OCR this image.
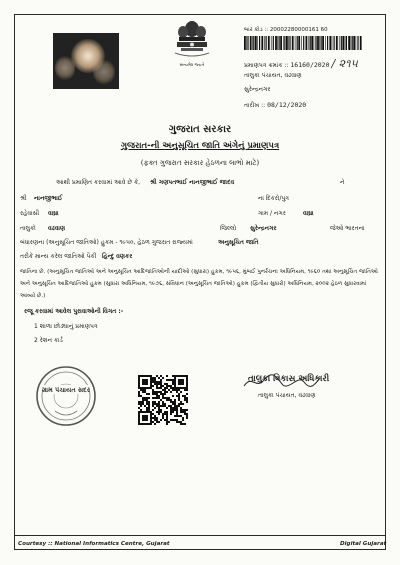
સત્યમેવ જયતે
બાર કોડ :: 20002280000161 60
પ્રમાણપત્ર ક્રમાંક :: 16160/2020 / ૨૧૫
તાલુકા પંચાયત, વઢવાણ
સુરેન્દ્રનગર
તારીખ :: 08/12/2020
ગુજરાત સરકાર
ગુજરાત-ની અનુસૂચિત જાતિ અંગેનું પ્રમાણપત્ર
(ફક્ત ગુજરાત સરકાર હેઠળના લાભો માટે)
આથી પ્રમાણિત કરવામાં આવે છે કે, શ્રી ગણપતભાઈ નાનજીભાઈ જાદવ	ને
શ્રી નાનજીભાઈ	ના દિકરો/પુત્ર
રહેવાસી વાઘ્રા	ગામ / નગર	વાઘ્રા
તાલુકો વઢવાણ	જિલ્લો સુરેન્દ્રનગર	જેઓ ભારતના
બંધારણના (અનુસૂચિત જાતિઓ) હુકમ - ૧૯૫૦, હેઠળ ગુજરાત રાજ્યમાં	અનુસૂચિત જાતિ
તરીકે માન્ય કરેલ જાતિઓ પૈકી હિન્દુ વણકર
જાતિના છે. (અનુસૂચિત જાતિઓ અને અનુસૂચિત આદિજાતિઓની યાદીઓ (સુધારા) હુકમ, ૧૯૫૬, મુંબઈ પુનર્રચના અધિનિયમ, ૧૯૬૦ તથા અનુસૂચિત જાતિઓ અને અનુસૂચિત આદિજાતિઓ હુકમ (સુધારા અધિનિયમ, ૧૯૭૬, સંવિધાન (અનુસૂચિત જાતિઓ) હુકમ (દ્વિતીય સુધારો) અધિનિયમ, ૨૦૦૨ હેઠળ સુધારવામાં આવ્યો છે.)
રજૂ કરવામાં આવેલ પુરાવાઓની વિગત :-
1 શાળા છોડ્યાનું પ્રમાણપત્ર
2 રેશન કાર્ડ
ગ્રામ પંચાયત સદર
તાલુકા વિકાસ અધિકારી
તાલુકા પંચાયત, વઢવાણ
Courtesy :: National Informatics Centre, Gujarat	Digital Gujarat
